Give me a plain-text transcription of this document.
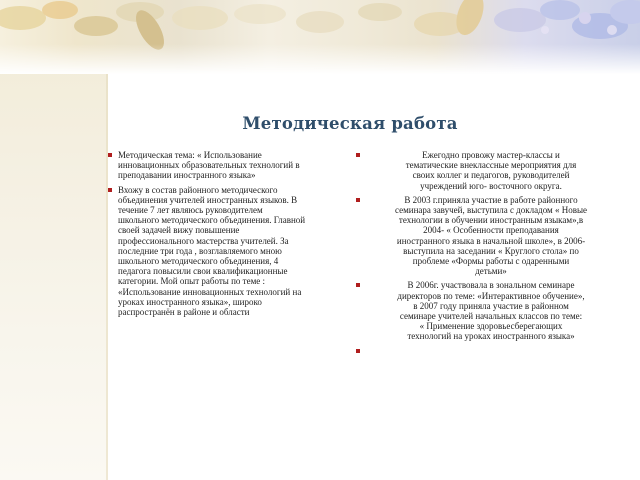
Методическая работа
Методическая тема: « Использование
инновационных образовательных технологий в
преподавании иностранного языка»
Вхожу в состав районного методического
объединения учителей иностранных языков. В
течение 7 лет являюсь руководителем
школьного методического объединения. Главной
своей задачей вижу повышение
профессионального мастерства учителей. За
последние три года , возглавляемого мною
школьного методического объединения, 4
педагога повысили свои квалификационные
категории. Мой опыт работы по теме :
«Использование инновационных технологий на
уроках иностранного языка», широко
распространён в районе и области
Ежегодно провожу мастер-классы и
тематические внеклассные мероприятия для
своих коллег и педагогов, руководителей
учреждений юго- восточного округа.
В 2003 г.приняла участие в работе районного
семинара завучей, выступила с докладом « Новые
технологии в обучении иностранным языкам»,в
2004- « Особенности преподавания
иностранного языка в начальной школе», в 2006-
выступила на заседании « Круглого стола» по
проблеме «Формы работы с одаренными
детьми»
В 2006г. участвовала в зональном семинаре
директоров по теме: «Интерактивное обучение»,
в 2007 году приняла участие в районном
семинаре учителей начальных классов по теме:
« Применение здоровьесберегающих
технологий на уроках иностранного языка»
